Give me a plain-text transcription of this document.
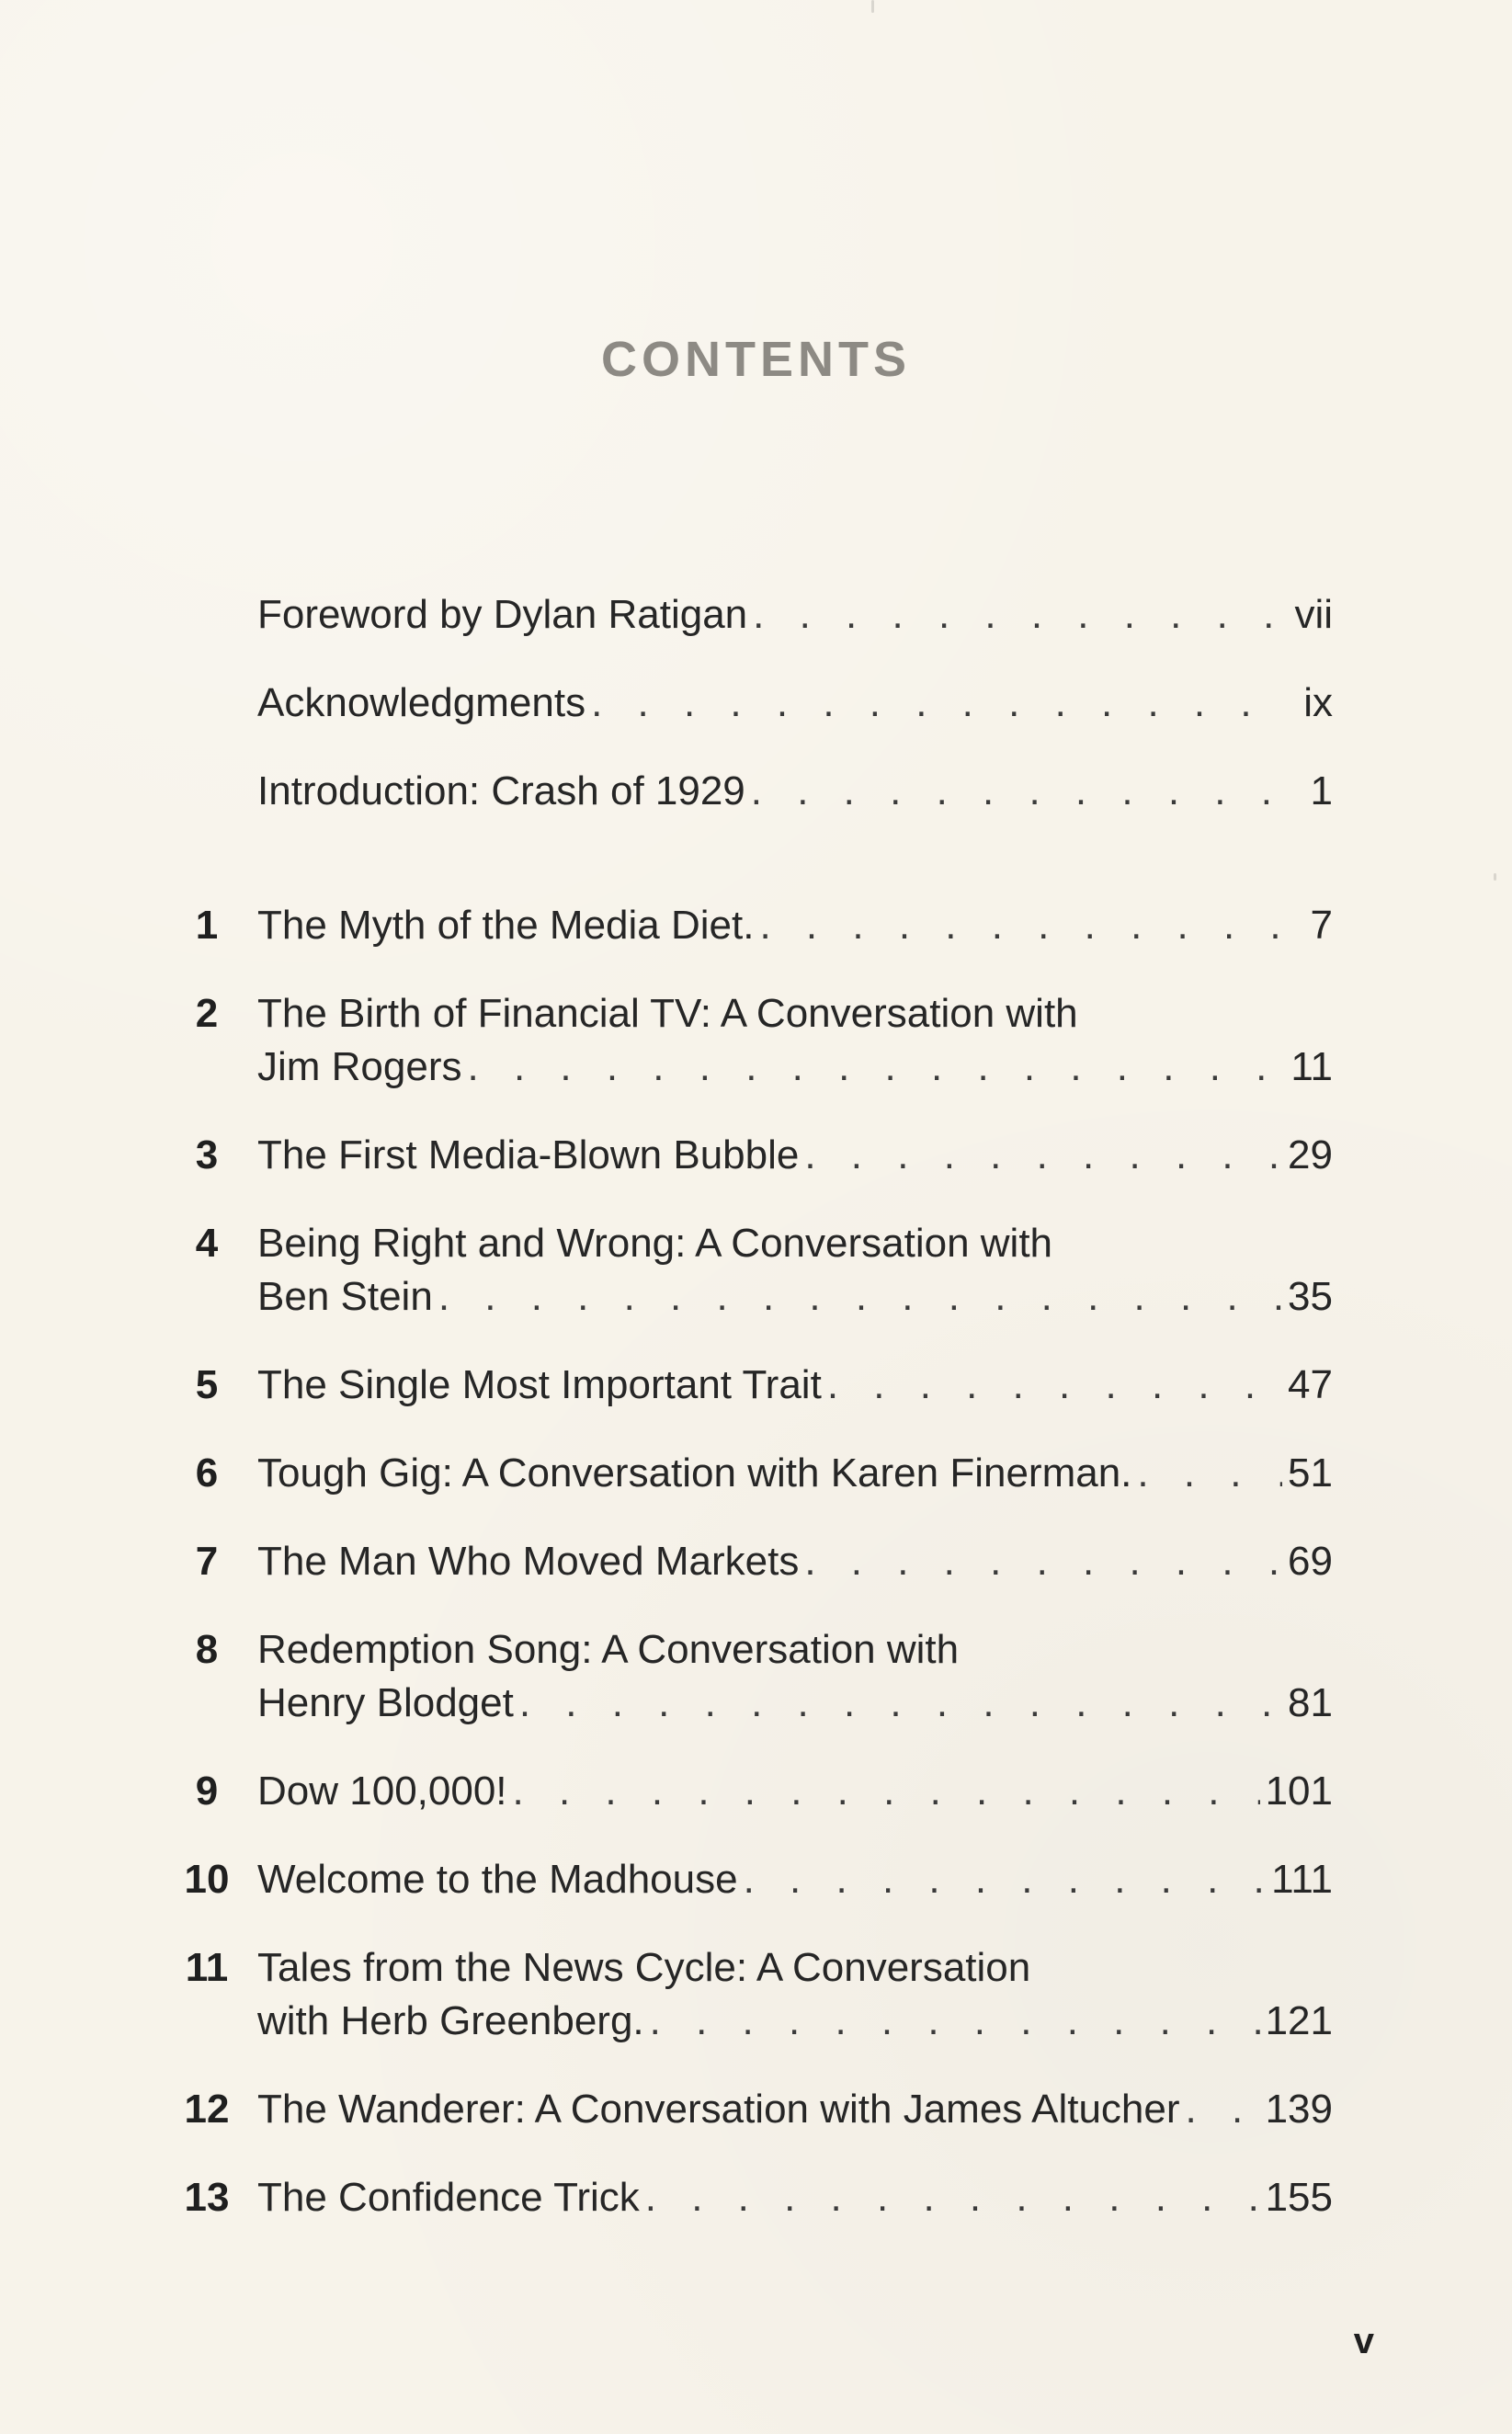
CONTENTS
Foreword by Dylan Ratigan . . .	vii
Acknowledgments . . .	ix
Introduction: Crash of 1929 . . .	1
1 The Myth of the Media Diet. . . .	7
2 The Birth of Financial TV: A Conversation with
Jim Rogers . . .	11
3 The First Media-Blown Bubble . . .	29
4 Being Right and Wrong: A Conversation with
Ben Stein . . .	35
5 The Single Most Important Trait . . .	47
6 Tough Gig: A Conversation with Karen Finerman. . . .	51
7 The Man Who Moved Markets . . .	69
8 Redemption Song: A Conversation with
Henry Blodget . . .	81
9 Dow 100,000! . . .	101
10 Welcome to the Madhouse . . .	111
11 Tales from the News Cycle: A Conversation
with Herb Greenberg. . . .	121
12 The Wanderer: A Conversation with James Altucher . . . 139
13 The Confidence Trick . . .	155
v
